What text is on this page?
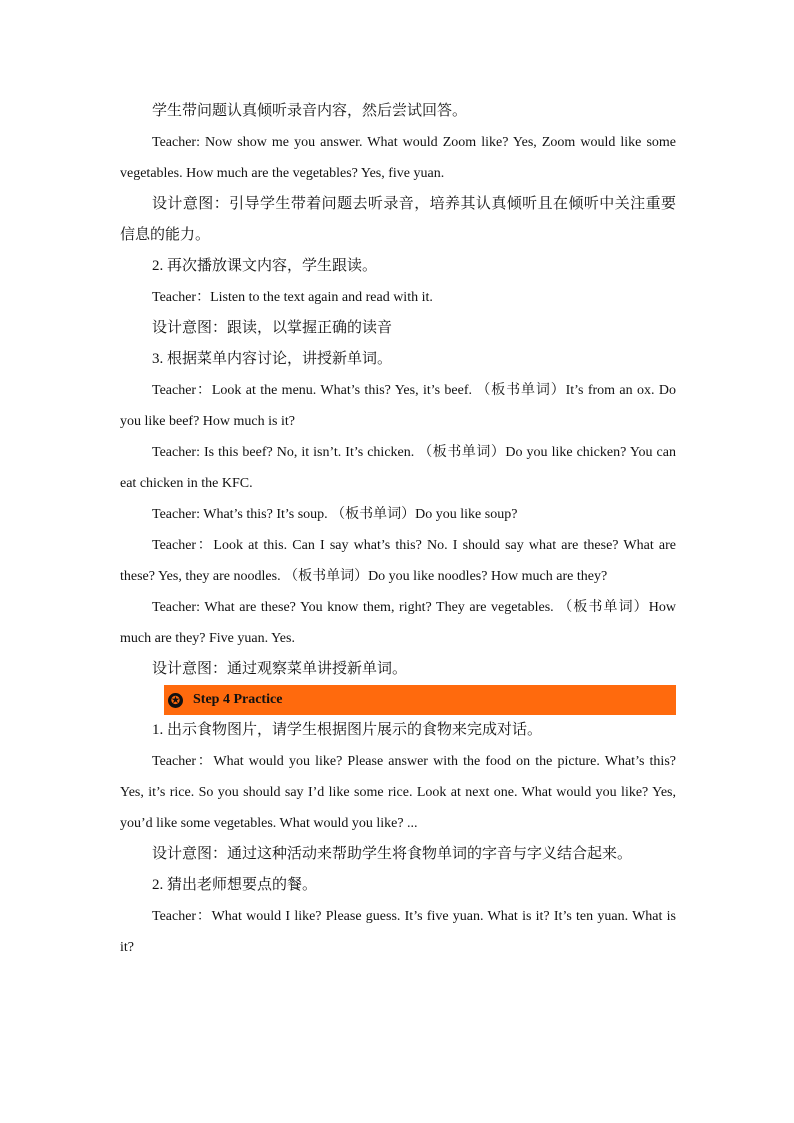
学生带问题认真倾听录音内容，然后尝试回答。

Teacher: Now show me you answer. What would Zoom like? Yes, Zoom would like some vegetables. How much are the vegetables? Yes, five yuan.

设计意图：引导学生带着问题去听录音，培养其认真倾听且在倾听中关注重要信息的能力。

2. 再次播放课文内容，学生跟读。

Teacher：Listen to the text again and read with it.

设计意图：跟读，以掌握正确的读音

3. 根据菜单内容讨论，讲授新单词。

Teacher：Look at the menu. What’s this? Yes, it’s beef. （板书单词）It’s from an ox. Do you like beef? How much is it?

Teacher: Is this beef? No, it isn’t. It’s chicken. （板书单词）Do you like chicken? You can eat chicken in the KFC.

Teacher: What’s this? It’s soup. （板书单词）Do you like soup?

Teacher：Look at this. Can I say what’s this? No. I should say what are these? What are these? Yes, they are noodles. （板书单词）Do you like noodles? How much are they?

Teacher: What are these? You know them, right? They are vegetables. （板书单词）How much are they? Five yuan. Yes.

设计意图：通过观察菜单讲授新单词。

✪ Step 4 Practice

1. 出示食物图片，请学生根据图片展示的食物来完成对话。

Teacher：What would you like? Please answer with the food on the picture. What’s this? Yes, it’s rice. So you should say I’d like some rice. Look at next one. What would you like? Yes, you’d like some vegetables. What would you like? ...

设计意图：通过这种活动来帮助学生将食物单词的字音与字义结合起来。

2. 猜出老师想要点的餐。

Teacher：What would I like? Please guess. It’s five yuan. What is it? It’s ten yuan. What is it?
